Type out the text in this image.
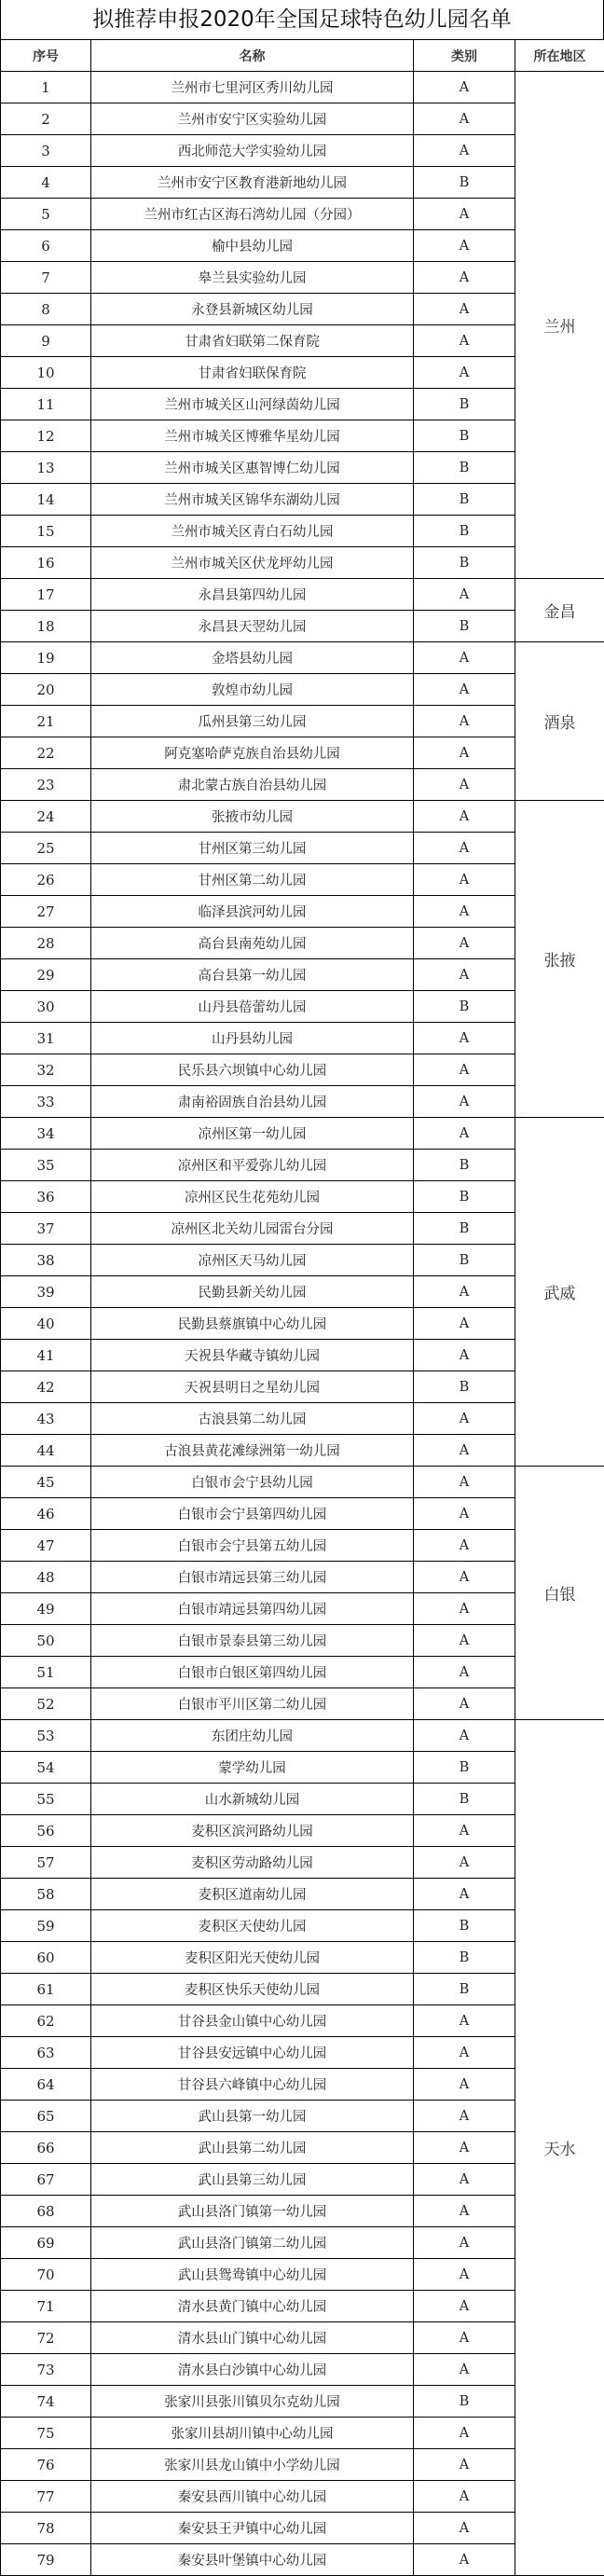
拟推荐申报2020年全国足球特色幼儿园名单
序号	名称	类别	所在地区
1	兰州市七里河区秀川幼儿园	A	兰州
2	兰州市安宁区实验幼儿园	A	
3	西北师范大学实验幼儿园	A	
4	兰州市安宁区教育港新地幼儿园	B	
5	兰州市红古区海石湾幼儿园（分园）	A	
6	榆中县幼儿园	A	
7	皋兰县实验幼儿园	A	
8	永登县新城区幼儿园	A	
9	甘肃省妇联第二保育院	A	
10	甘肃省妇联保育院	A	
11	兰州市城关区山河绿茵幼儿园	B	
12	兰州市城关区博雅华星幼儿园	B	
13	兰州市城关区惠智博仁幼儿园	B	
14	兰州市城关区锦华东湖幼儿园	B	
15	兰州市城关区青白石幼儿园	B	
16	兰州市城关区伏龙坪幼儿园	B	
17	永昌县第四幼儿园	A	金昌
18	永昌县天翌幼儿园	B	
19	金塔县幼儿园	A	酒泉
20	敦煌市幼儿园	A	
21	瓜州县第三幼儿园	A	
22	阿克塞哈萨克族自治县幼儿园	A	
23	肃北蒙古族自治县幼儿园	A	
24	张掖市幼儿园	A	张掖
25	甘州区第三幼儿园	A	
26	甘州区第二幼儿园	A	
27	临泽县滨河幼儿园	A	
28	高台县南苑幼儿园	A	
29	高台县第一幼儿园	A	
30	山丹县蓓蕾幼儿园	B	
31	山丹县幼儿园	A	
32	民乐县六坝镇中心幼儿园	A	
33	肃南裕固族自治县幼儿园	A	
34	凉州区第一幼儿园	A	武威
35	凉州区和平爱弥儿幼儿园	B	
36	凉州区民生花苑幼儿园	B	
37	凉州区北关幼儿园雷台分园	B	
38	凉州区天马幼儿园	B	
39	民勤县新关幼儿园	A	
40	民勤县蔡旗镇中心幼儿园	A	
41	天祝县华藏寺镇幼儿园	A	
42	天祝县明日之星幼儿园	B	
43	古浪县第二幼儿园	A	
44	古浪县黄花滩绿洲第一幼儿园	A	
45	白银市会宁县幼儿园	A	白银
46	白银市会宁县第四幼儿园	A	
47	白银市会宁县第五幼儿园	A	
48	白银市靖远县第三幼儿园	A	
49	白银市靖远县第四幼儿园	A	
50	白银市景泰县第三幼儿园	A	
51	白银市白银区第四幼儿园	A	
52	白银市平川区第二幼儿园	A	
53	东团庄幼儿园	A	天水
54	蒙学幼儿园	B	
55	山水新城幼儿园	B	
56	麦积区滨河路幼儿园	A	
57	麦积区劳动路幼儿园	A	
58	麦积区道南幼儿园	A	
59	麦积区天使幼儿园	B	
60	麦积区阳光天使幼儿园	B	
61	麦积区快乐天使幼儿园	B	
62	甘谷县金山镇中心幼儿园	A	
63	甘谷县安远镇中心幼儿园	A	
64	甘谷县六峰镇中心幼儿园	A	
65	武山县第一幼儿园	A	
66	武山县第二幼儿园	A	
67	武山县第三幼儿园	A	
68	武山县洛门镇第一幼儿园	A	
69	武山县洛门镇第二幼儿园	A	
70	武山县鸳鸯镇中心幼儿园	A	
71	清水县黄门镇中心幼儿园	A	
72	清水县山门镇中心幼儿园	A	
73	清水县白沙镇中心幼儿园	A	
74	张家川县张川镇贝尔克幼儿园	B	
75	张家川县胡川镇中心幼儿园	A	
76	张家川县龙山镇中小学幼儿园	A	
77	秦安县西川镇中心幼儿园	A	
78	秦安县王尹镇中心幼儿园	A	
79	秦安县叶堡镇中心幼儿园	A	
